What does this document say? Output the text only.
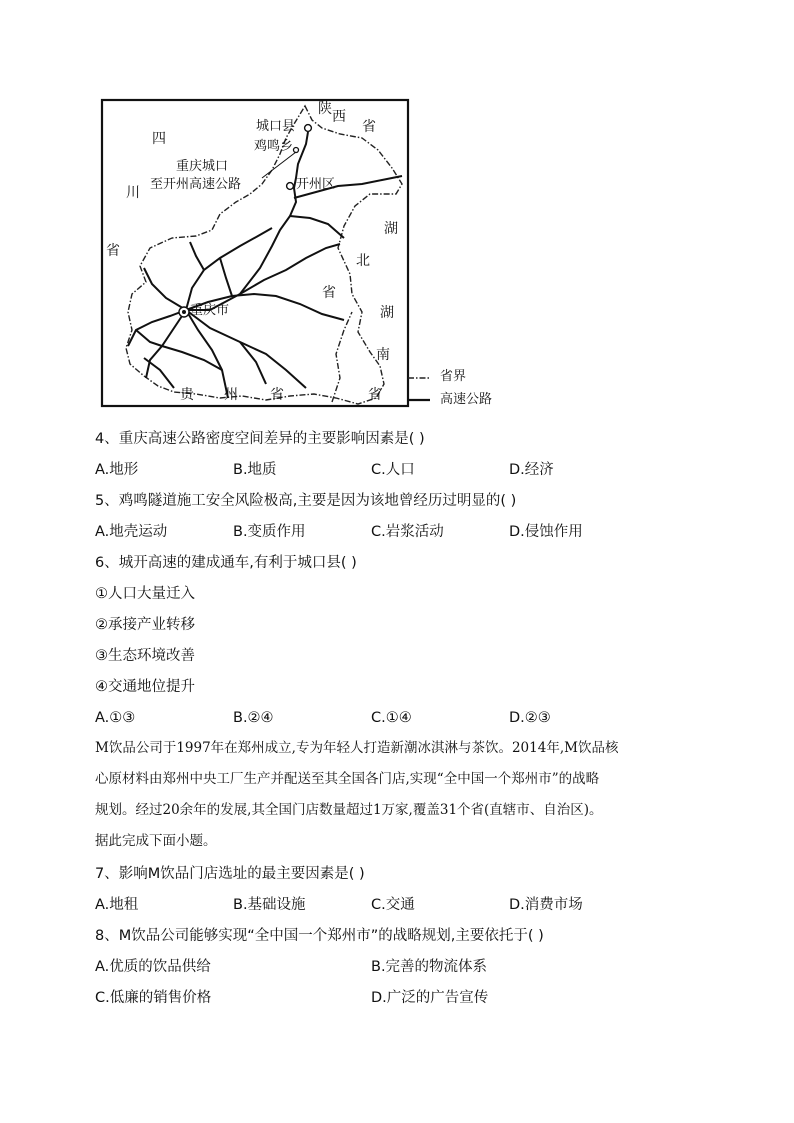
陕 西
省
四
川
省
湖
北
省
湖
南
省
贵 州 省
城口县
鸡鸣乡
开州区
重庆市
重庆城口
至开州高速公路
省界
高速公路
4、重庆高速公路密度空间差异的主要影响因素是( )
A.地形	B.地质	C.人口	D.经济
5、鸡鸣隧道施工安全风险极高,主要是因为该地曾经历过明显的( )
A.地壳运动	B.变质作用	C.岩浆活动	D.侵蚀作用
6、城开高速的建成通车,有利于城口县( )
①人口大量迁入
②承接产业转移
③生态环境改善
④交通地位提升
A.①③	B.②④	C.①④	D.②③
M饮品公司于1997年在郑州成立,专为年轻人打造新潮冰淇淋与茶饮。2014年,M饮品核
心原材料由郑州中央工厂生产并配送至其全国各门店,实现“全中国一个郑州市”的战略
规划。经过20余年的发展,其全国门店数量超过1万家,覆盖31个省(直辖市、自治区)。
据此完成下面小题。
7、影响M饮品门店选址的最主要因素是( )
A.地租	B.基础设施	C.交通	D.消费市场
8、M饮品公司能够实现“全中国一个郑州市”的战略规划,主要依托于( )
A.优质的饮品供给	B.完善的物流体系
C.低廉的销售价格	D.广泛的广告宣传
